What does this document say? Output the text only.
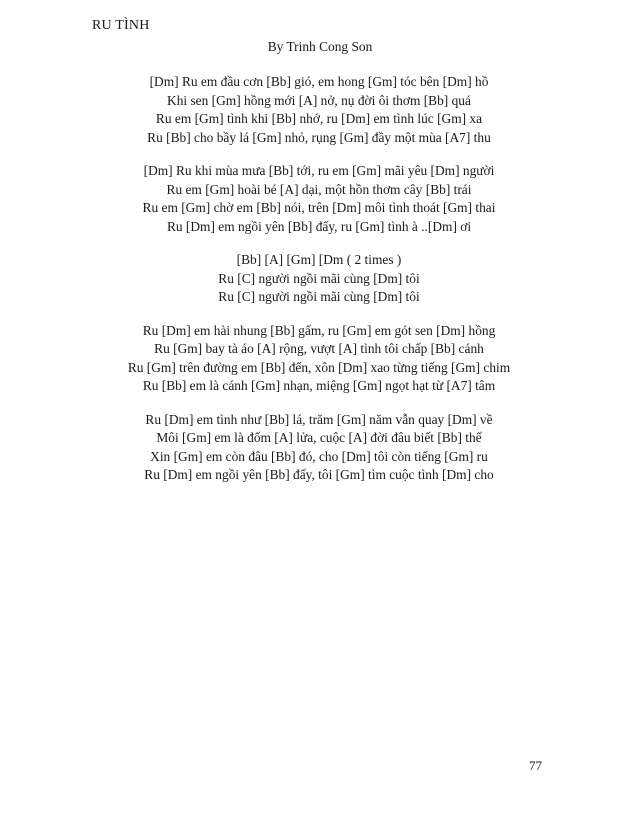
RU TÌNH
By Trinh Cong Son
[Dm] Ru em đầu cơn [Bb] gió, em hong [Gm] tóc bên [Dm] hồ
Khi sen [Gm] hồng mới [A] nở, nụ đời ôi thơm [Bb] quá
Ru em [Gm] tình khi [Bb] nhớ, ru [Dm] em tình lúc [Gm] xa
Ru [Bb] cho bầy lá [Gm] nhỏ, rụng [Gm] đầy một mùa [A7] thu
[Dm] Ru khi mùa mưa [Bb] tới, ru em [Gm] mãi yêu [Dm] người
Ru em [Gm] hoài bé [A] dại, một hồn thơm cây [Bb] trái
Ru em [Gm] chờ em [Bb] nói, trên [Dm] môi tình thoát [Gm] thai
Ru [Dm] em ngồi yên [Bb] đấy, ru [Gm] tình à ..[Dm] ơi
[Bb] [A] [Gm] [Dm ( 2 times )
Ru [C] người ngồi mãi cùng [Dm] tôi
Ru [C] người ngồi mãi cùng [Dm] tôi
Ru [Dm] em hài nhung [Bb] gấm, ru [Gm] em gót sen [Dm] hồng
Ru [Gm] bay tà áo [A] rộng, vượt [A] tình tôi chấp [Bb] cánh
Ru [Gm] trên đường em [Bb] đến, xôn [Dm] xao từng tiếng [Gm] chim
Ru [Bb] em là cánh [Gm] nhạn, miệng [Gm] ngọt hạt từ [A7] tâm
Ru [Dm] em tình như [Bb] lá, trăm [Gm] năm vẫn quay [Dm] về
Môi [Gm] em là đốm [A] lửa, cuộc [A] đời đâu biết [Bb] thế
Xin [Gm] em còn đâu [Bb] đó, cho [Dm] tôi còn tiếng [Gm] ru
Ru [Dm] em ngồi yên [Bb] đấy, tôi [Gm] tìm cuộc tình [Dm] cho
77
